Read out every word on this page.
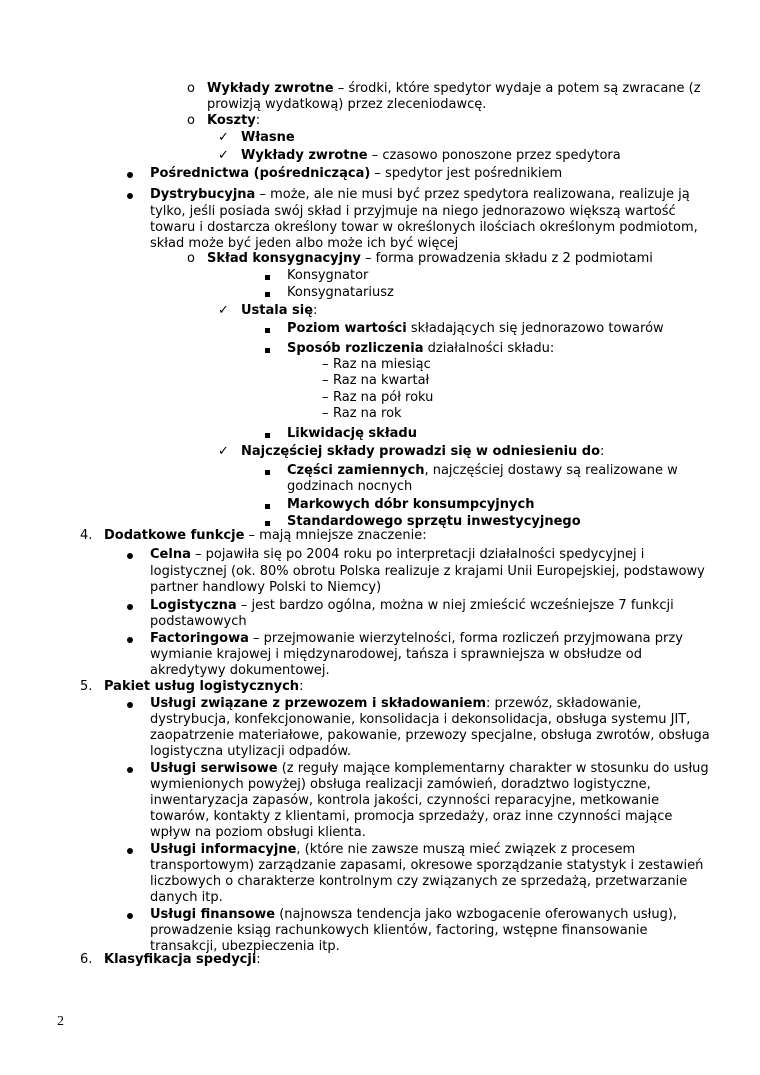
o Wykłady zwrotne – środki, które spedytor wydaje a potem są zwracane (z
prowizją wydatkową) przez zleceniodawcę.
o Koszty:
✓ Własne
✓ Wykłady zwrotne – czasowo ponoszone przez spedytora
Pośrednictwa (pośrednicząca) – spedytor jest pośrednikiem
Dystrybucyjna – może, ale nie musi być przez spedytora realizowana, realizuje ją
tylko, jeśli posiada swój skład i przyjmuje na niego jednorazowo większą wartość
towaru i dostarcza określony towar w określonych ilościach określonym podmiotom,
skład może być jeden albo może ich być więcej
o Skład konsygnacyjny – forma prowadzenia składu z 2 podmiotami
Konsygnator
Konsygnatariusz
✓ Ustala się:
Poziom wartości składających się jednorazowo towarów
Sposób rozliczenia działalności składu:
– Raz na miesiąc
– Raz na kwartał
– Raz na pół roku
– Raz na rok
Likwidację składu
✓ Najczęściej składy prowadzi się w odniesieniu do:
Części zamiennych, najczęściej dostawy są realizowane w
godzinach nocnych
Markowych dóbr konsumpcyjnych
Standardowego sprzętu inwestycyjnego
4. Dodatkowe funkcje – mają mniejsze znaczenie:
Celna – pojawiła się po 2004 roku po interpretacji działalności spedycyjnej i
logistycznej (ok. 80% obrotu Polska realizuje z krajami Unii Europejskiej, podstawowy
partner handlowy Polski to Niemcy)
Logistyczna – jest bardzo ogólna, można w niej zmieścić wcześniejsze 7 funkcji
podstawowych
Factoringowa – przejmowanie wierzytelności, forma rozliczeń przyjmowana przy
wymianie krajowej i międzynarodowej, tańsza i sprawniejsza w obsłudze od
akredytywy dokumentowej.
5. Pakiet usług logistycznych:
Usługi związane z przewozem i składowaniem: przewóz, składowanie,
dystrybucja, konfekcjonowanie, konsolidacja i dekonsolidacja, obsługa systemu JIT,
zaopatrzenie materiałowe, pakowanie, przewozy specjalne, obsługa zwrotów, obsługa
logistyczna utylizacji odpadów.
Usługi serwisowe (z reguły mające komplementarny charakter w stosunku do usług
wymienionych powyżej) obsługa realizacji zamówień, doradztwo logistyczne,
inwentaryzacja zapasów, kontrola jakości, czynności reparacyjne, metkowanie
towarów, kontakty z klientami, promocja sprzedaży, oraz inne czynności mające
wpływ na poziom obsługi klienta.
Usługi informacyjne, (które nie zawsze muszą mieć związek z procesem
transportowym) zarządzanie zapasami, okresowe sporządzanie statystyk i zestawień
liczbowych o charakterze kontrolnym czy związanych ze sprzedażą, przetwarzanie
danych itp.
Usługi finansowe (najnowsza tendencja jako wzbogacenie oferowanych usług),
prowadzenie ksiąg rachunkowych klientów, factoring, wstępne finansowanie
transakcji, ubezpieczenia itp.
6. Klasyfikacja spedycji:
2
